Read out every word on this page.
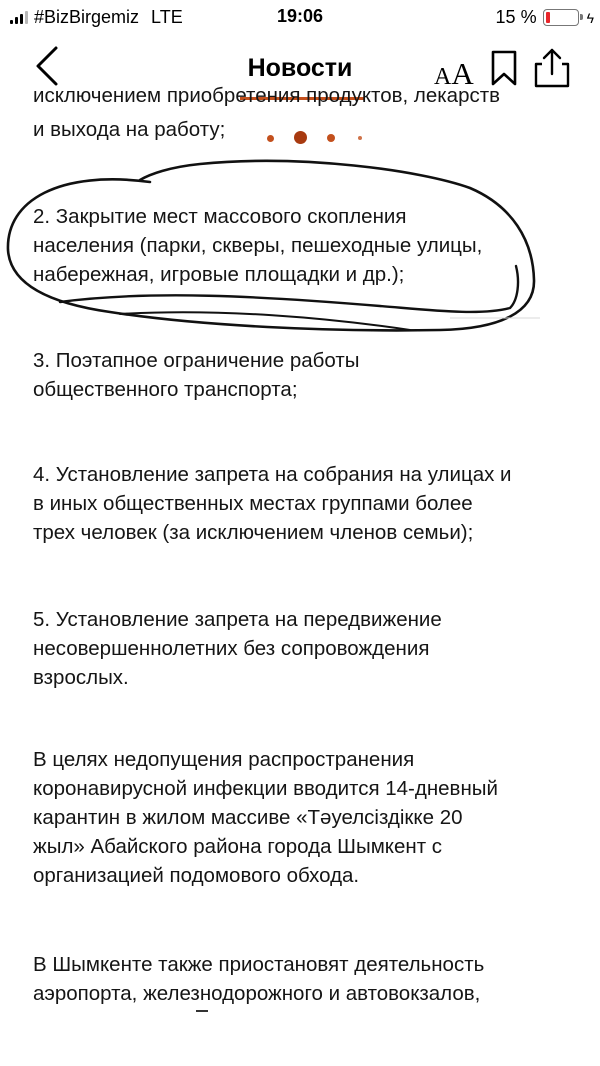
#BizBirgemiz LTE	19:06	15 %	ϟ
Новости	AA
исключением приобретения продуктов, лекарств
и выхода на работу;
2. Закрытие мест массового скопления
населения (парки, скверы, пешеходные улицы,
набережная, игровые площадки и др.);
3. Поэтапное ограничение работы
общественного транспорта;
4. Установление запрета на собрания на улицах и
в иных общественных местах группами более
трех человек (за исключением членов семьи);
5. Установление запрета на передвижение
несовершеннолетних без сопровождения
взрослых.
В целях недопущения распространения
коронавирусной инфекции вводится 14-дневный
карантин в жилом массиве «Тәуелсіздікке 20
жыл» Абайского района города Шымкент с
организацией подомового обхода.
В Шымкенте также приостановят деятельность
аэропорта, железнодорожного и автовокзалов,
